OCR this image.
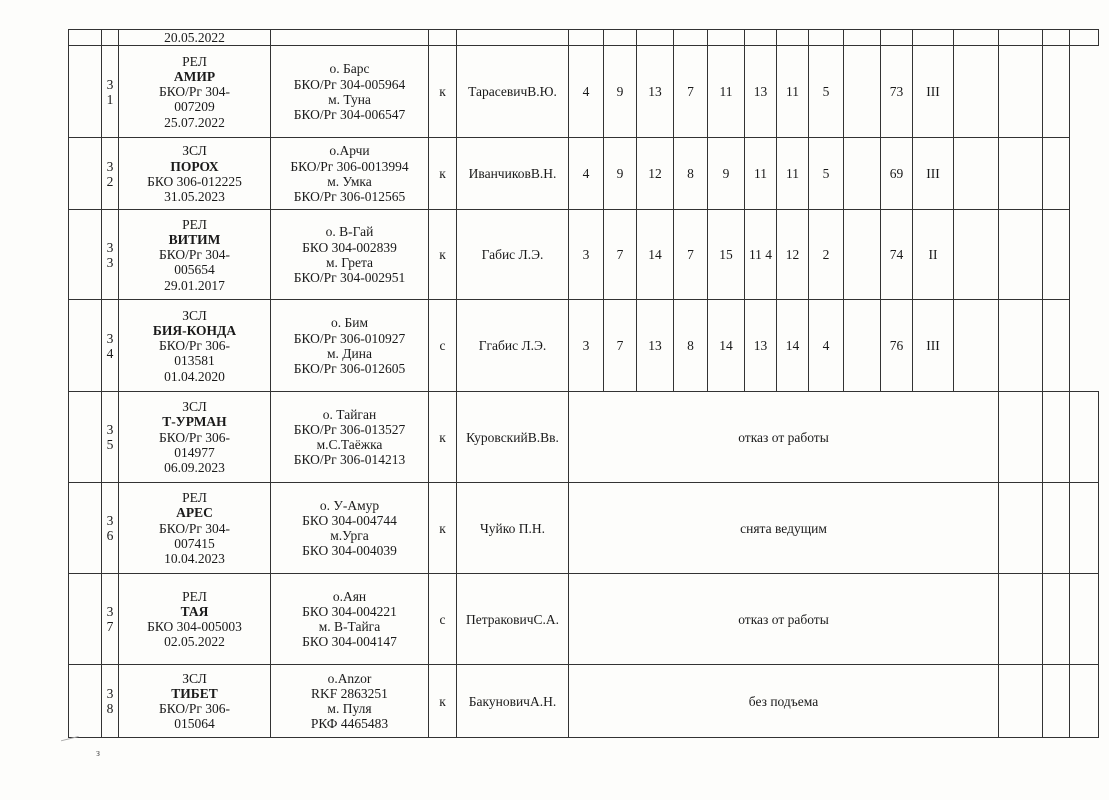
		20.05.2022																		

	3
1	РЕЛ
АМИР
БКО/Рг 304-
007209
25.07.2022	о. Барс
БКО/Рг 304-005964
м. Туна
БКО/Рг 304-006547	к	ТарасевичВ.Ю.	4	9	13	7	11	13	11	5		73	III				

	3
2	ЗСЛ
ПОРОХ
БКО 306-012225
31.05.2023	о.Арчи
БКО/Рг 306-0013994
м. Умка
БКО/Рг 306-012565	к	ИванчиковВ.Н.	4	9	12	8	9	11	11	5		69	III				

	3
3	РЕЛ
ВИТИМ
БКО/Рг 304-
005654
29.01.2017	о. В-Гай
БКО 304-002839
м. Грета
БКО/Рг 304-002951	к	Габис Л.Э.	3	7	14	7	15	11 4	12	2		74	II				

	3
4	ЗСЛ
БИЯ-КОНДА
БКО/Рг 306-
013581
01.04.2020	о. Бим
БКО/Рг 306-010927
м. Дина
БКО/Рг 306-012605	с	Ггабис Л.Э.	3	7	13	8	14	13	14	4		76	III				

	3
5	ЗСЛ
Т-УРМАН
БКО/Рг 306-
014977
06.09.2023	о. Тайган
БКО/Рг 306-013527
м.С.Таёжка
БКО/Рг 306-014213	к	КуровскийВ.Вв.	отказ от работы														

	3
6	РЕЛ
АРЕС
БКО/Рг 304-
007415
10.04.2023	о. У-Амур
БКО 304-004744
м.Урга
БКО 304-004039	к	Чуйко П.Н.	снята ведущим														

	3
7	РЕЛ
ТАЯ
БКО 304-005003
02.05.2022	о.Аян
БКО 304-004221
м. В-Тайга
БКО 304-004147	с	ПетраковичС.А.	отказ от работы														

	3
8	ЗСЛ
ТИБЕТ
БКО/Рг 306-
015064	о.Anzor
RKF 2863251
м. Пуля
РКФ 4465483	к	БакуновичА.Н.	без подъема														
з
